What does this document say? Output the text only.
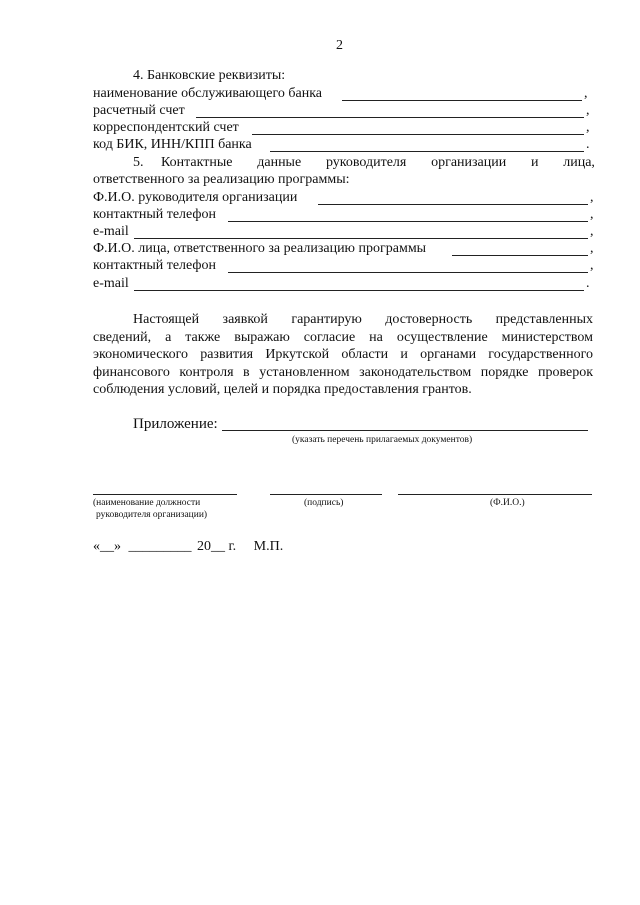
2
4. Банковские реквизиты:
наименование обслуживающего банка	,
расчетный счет	,
корреспондентский счет	,
код БИК, ИНН/КПП банка	.
5. Контактные данные руководителя организации и лица,
ответственного за реализацию программы:
Ф.И.О. руководителя организации	,
контактный телефон	,
e-mail	,
Ф.И.О. лица, ответственного за реализацию программы	,
контактный телефон	,
e-mail	.
Настоящей заявкой гарантирую достоверность представленных
сведений, а также выражаю согласие на осуществление министерством
экономического развития Иркутской области и органами государственного
финансового контроля в установленном законодательством порядке проверок
соблюдения условий, целей и порядка предоставления грантов.
Приложение:
(указать перечень прилагаемых документов)
(наименование должности
руководителя организации)
(подпись)	(Ф.И.О.)
«__» _________ 20__ г. М.П.
